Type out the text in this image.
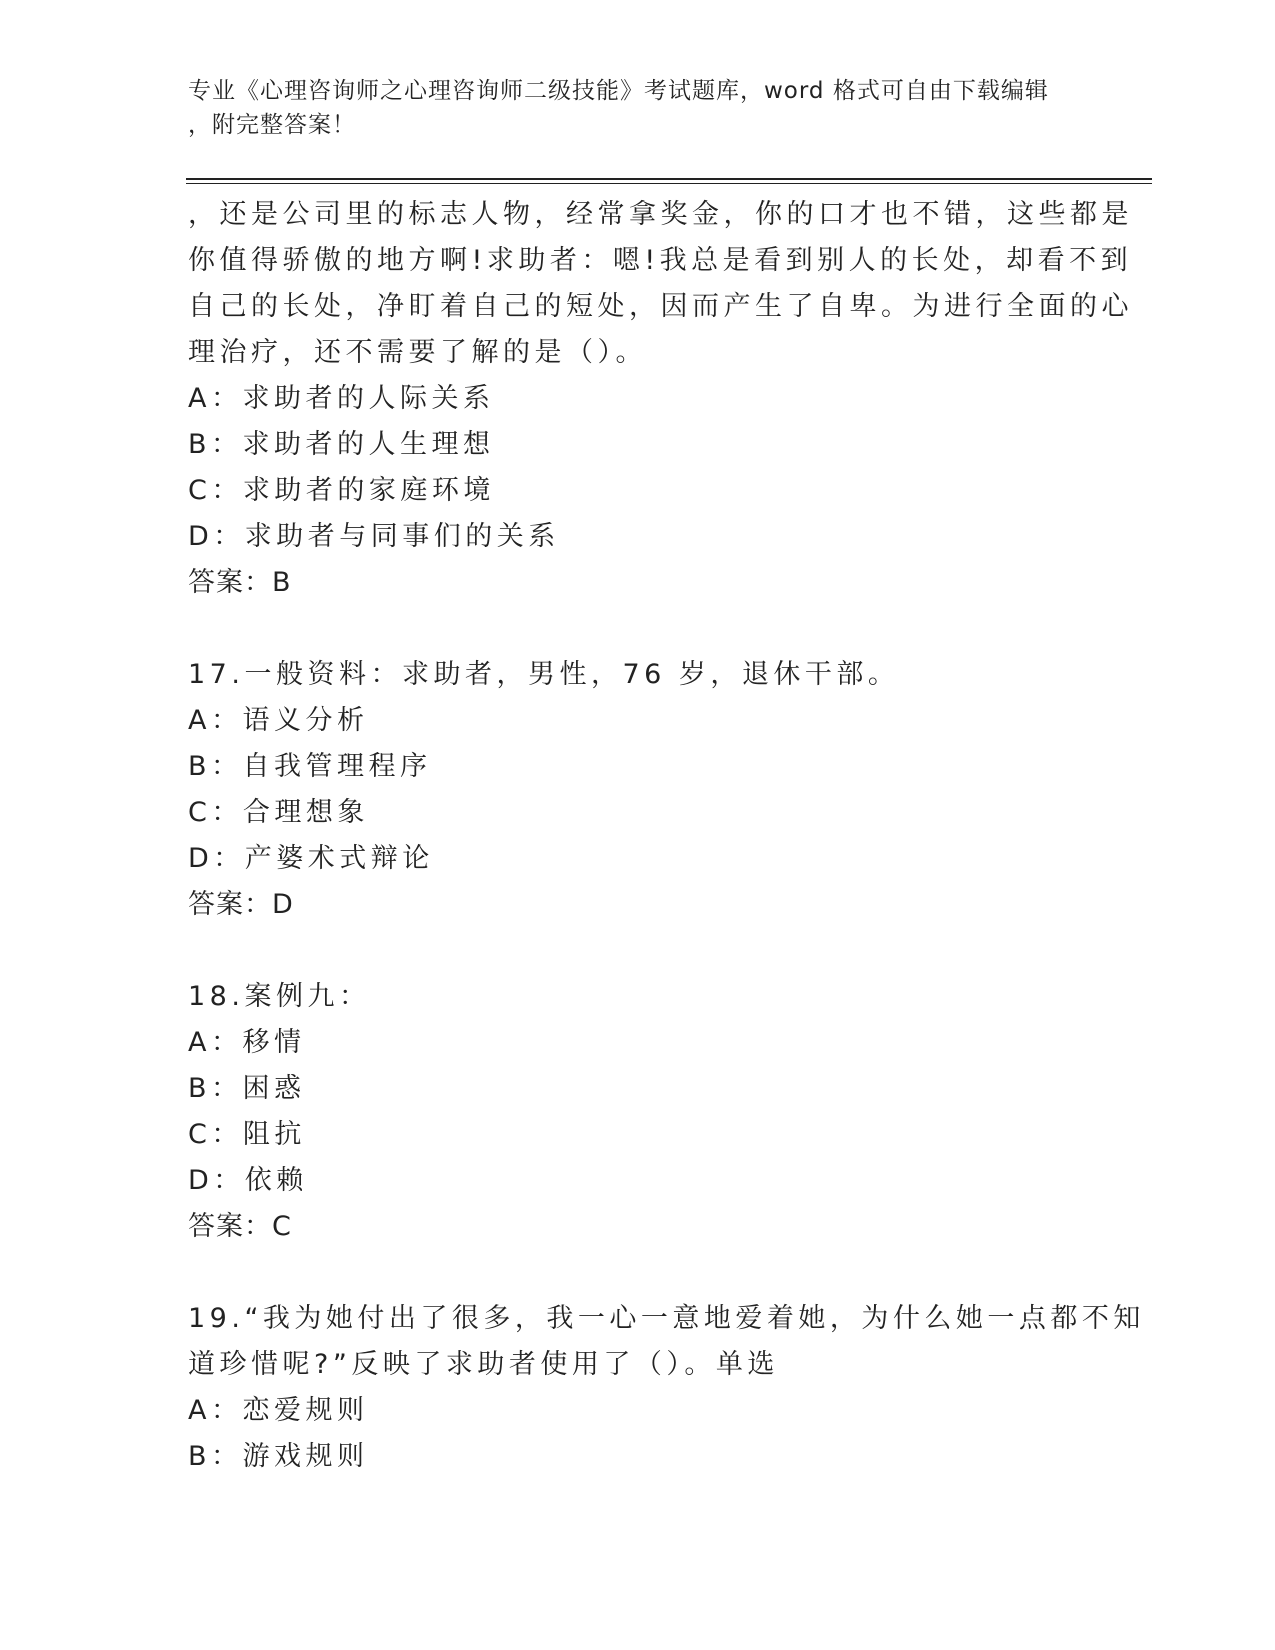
专业《心理咨询师之心理咨询师二级技能》考试题库，word 格式可自由下载编辑
，附完整答案！
，还是公司里的标志人物，经常拿奖金，你的口才也不错，这些都是
你值得骄傲的地方啊!求助者：嗯!我总是看到别人的长处，却看不到
自己的长处，净盯着自己的短处，因而产生了自卑。为进行全面的心
理治疗，还不需要了解的是（）。
A：求助者的人际关系
B：求助者的人生理想
C：求助者的家庭环境
D：求助者与同事们的关系
答案：B
17.一般资料：求助者，男性，76 岁，退休干部。
A：语义分析
B：自我管理程序
C：合理想象
D：产婆术式辩论
答案：D
18.案例九：
A：移情
B：困惑
C：阻抗
D：依赖
答案：C
19.“我为她付出了很多，我一心一意地爱着她，为什么她一点都不知
道珍惜呢?”反映了求助者使用了（）。单选
A：恋爱规则
B：游戏规则
